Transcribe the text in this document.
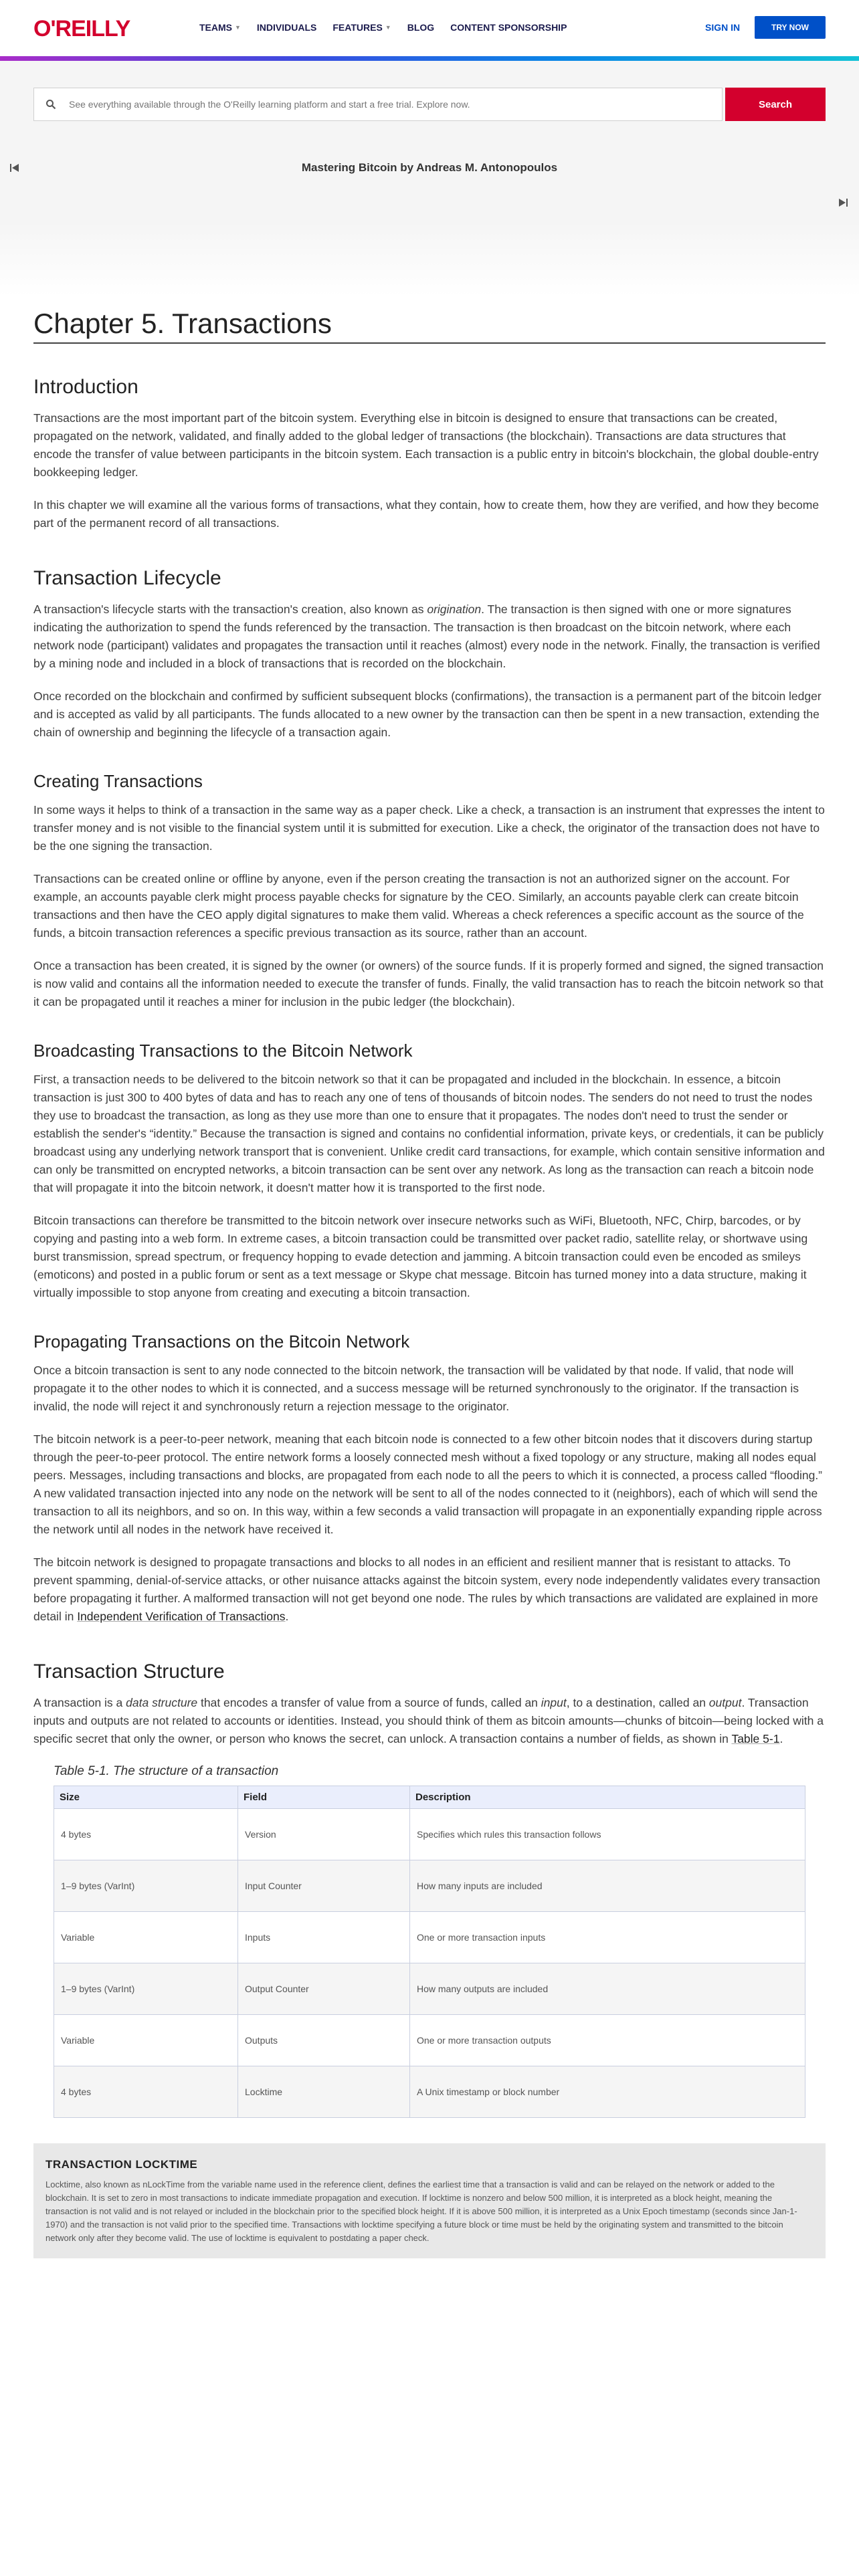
O'REILLY	TEAMS ▼ INDIVIDUALS FEATURES ▼ BLOG CONTENT SPONSORSHIP	SIGN IN	TRY NOW
See everything available through the O'Reilly learning platform and start a free trial. Explore now.
Search
Mastering Bitcoin by Andreas M. Antonopoulos
Chapter 5. Transactions
Introduction

Transactions are the most important part of the bitcoin system. Everything else in bitcoin is designed to ensure that transactions can be created, propagated on the network, validated, and finally added to the global ledger of transactions (the blockchain). Transactions are data structures that encode the transfer of value between participants in the bitcoin system. Each transaction is a public entry in bitcoin's blockchain, the global double-entry bookkeeping ledger.

In this chapter we will examine all the various forms of transactions, what they contain, how to create them, how they are verified, and how they become part of the permanent record of all transactions.

Transaction Lifecycle

A transaction's lifecycle starts with the transaction's creation, also known as origination. The transaction is then signed with one or more signatures indicating the authorization to spend the funds referenced by the transaction. The transaction is then broadcast on the bitcoin network, where each network node (participant) validates and propagates the transaction until it reaches (almost) every node in the network. Finally, the transaction is verified by a mining node and included in a block of transactions that is recorded on the blockchain.

Once recorded on the blockchain and confirmed by sufficient subsequent blocks (confirmations), the transaction is a permanent part of the bitcoin ledger and is accepted as valid by all participants. The funds allocated to a new owner by the transaction can then be spent in a new transaction, extending the chain of ownership and beginning the lifecycle of a transaction again.

Creating Transactions

In some ways it helps to think of a transaction in the same way as a paper check. Like a check, a transaction is an instrument that expresses the intent to transfer money and is not visible to the financial system until it is submitted for execution. Like a check, the originator of the transaction does not have to be the one signing the transaction.

Transactions can be created online or offline by anyone, even if the person creating the transaction is not an authorized signer on the account. For example, an accounts payable clerk might process payable checks for signature by the CEO. Similarly, an accounts payable clerk can create bitcoin transactions and then have the CEO apply digital signatures to make them valid. Whereas a check references a specific account as the source of the funds, a bitcoin transaction references a specific previous transaction as its source, rather than an account.

Once a transaction has been created, it is signed by the owner (or owners) of the source funds. If it is properly formed and signed, the signed transaction is now valid and contains all the information needed to execute the transfer of funds. Finally, the valid transaction has to reach the bitcoin network so that it can be propagated until it reaches a miner for inclusion in the pubic ledger (the blockchain).

Broadcasting Transactions to the Bitcoin Network

First, a transaction needs to be delivered to the bitcoin network so that it can be propagated and included in the blockchain. In essence, a bitcoin transaction is just 300 to 400 bytes of data and has to reach any one of tens of thousands of bitcoin nodes. The senders do not need to trust the nodes they use to broadcast the transaction, as long as they use more than one to ensure that it propagates. The nodes don't need to trust the sender or establish the sender's “identity.” Because the transaction is signed and contains no confidential information, private keys, or credentials, it can be publicly broadcast using any underlying network transport that is convenient. Unlike credit card transactions, for example, which contain sensitive information and can only be transmitted on encrypted networks, a bitcoin transaction can be sent over any network. As long as the transaction can reach a bitcoin node that will propagate it into the bitcoin network, it doesn't matter how it is transported to the first node.

Bitcoin transactions can therefore be transmitted to the bitcoin network over insecure networks such as WiFi, Bluetooth, NFC, Chirp, barcodes, or by copying and pasting into a web form. In extreme cases, a bitcoin transaction could be transmitted over packet radio, satellite relay, or shortwave using burst transmission, spread spectrum, or frequency hopping to evade detection and jamming. A bitcoin transaction could even be encoded as smileys (emoticons) and posted in a public forum or sent as a text message or Skype chat message. Bitcoin has turned money into a data structure, making it virtually impossible to stop anyone from creating and executing a bitcoin transaction.

Propagating Transactions on the Bitcoin Network

Once a bitcoin transaction is sent to any node connected to the bitcoin network, the transaction will be validated by that node. If valid, that node will propagate it to the other nodes to which it is connected, and a success message will be returned synchronously to the originator. If the transaction is invalid, the node will reject it and synchronously return a rejection message to the originator.

The bitcoin network is a peer-to-peer network, meaning that each bitcoin node is connected to a few other bitcoin nodes that it discovers during startup through the peer-to-peer protocol. The entire network forms a loosely connected mesh without a fixed topology or any structure, making all nodes equal peers. Messages, including transactions and blocks, are propagated from each node to all the peers to which it is connected, a process called “flooding.” A new validated transaction injected into any node on the network will be sent to all of the nodes connected to it (neighbors), each of which will send the transaction to all its neighbors, and so on. In this way, within a few seconds a valid transaction will propagate in an exponentially expanding ripple across the network until all nodes in the network have received it.

The bitcoin network is designed to propagate transactions and blocks to all nodes in an efficient and resilient manner that is resistant to attacks. To prevent spamming, denial-of-service attacks, or other nuisance attacks against the bitcoin system, every node independently validates every transaction before propagating it further. A malformed transaction will not get beyond one node. The rules by which transactions are validated are explained in more detail in Independent Verification of Transactions.

Transaction Structure

A transaction is a data structure that encodes a transfer of value from a source of funds, called an input, to a destination, called an output. Transaction inputs and outputs are not related to accounts or identities. Instead, you should think of them as bitcoin amounts—chunks of bitcoin—being locked with a specific secret that only the owner, or person who knows the secret, can unlock. A transaction contains a number of fields, as shown in Table 5-1.

Table 5-1. The structure of a transaction
Size	Field	Description
4 bytes	Version	Specifies which rules this transaction follows
1–9 bytes (VarInt)	Input Counter	How many inputs are included
Variable	Inputs	One or more transaction inputs
1–9 bytes (VarInt)	Output Counter	How many outputs are included
Variable	Outputs	One or more transaction outputs
4 bytes	Locktime	A Unix timestamp or block number
TRANSACTION LOCKTIME
Locktime, also known as nLockTime from the variable name used in the reference client, defines the earliest time that a transaction is valid and can be relayed on the network or added to the blockchain. It is set to zero in most transactions to indicate immediate propagation and execution. If locktime is nonzero and below 500 million, it is interpreted as a block height, meaning the transaction is not valid and is not relayed or included in the blockchain prior to the specified block height. If it is above 500 million, it is interpreted as a Unix Epoch timestamp (seconds since Jan-1-1970) and the transaction is not valid prior to the specified time. Transactions with locktime specifying a future block or time must be held by the originating system and transmitted to the bitcoin network only after they become valid. The use of locktime is equivalent to postdating a paper check.
